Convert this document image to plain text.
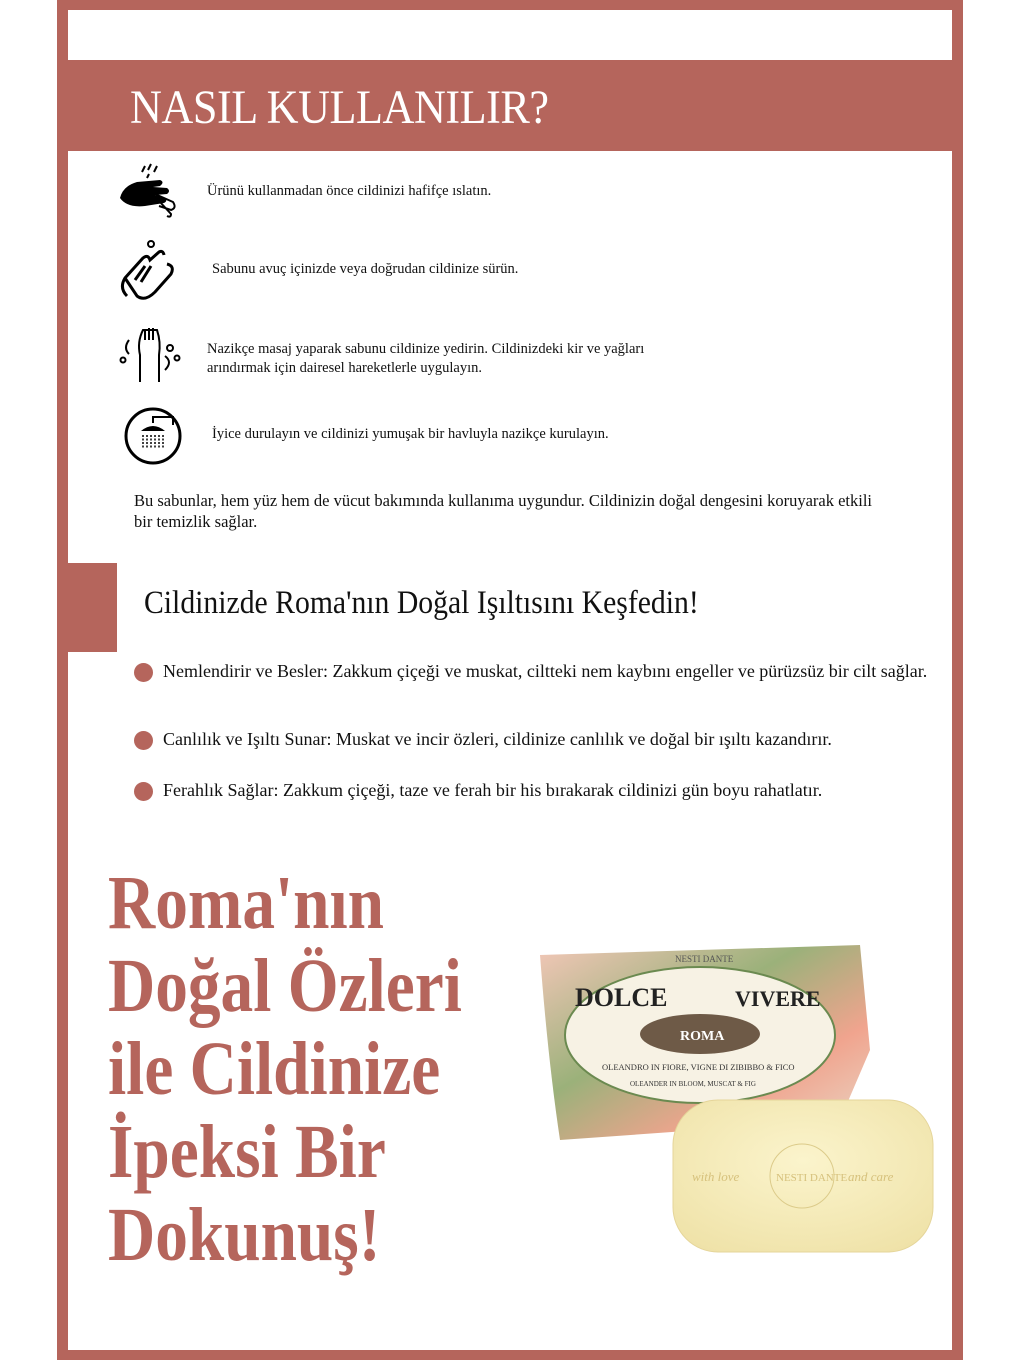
NASIL KULLANILIR?
Ürünü kullanmadan önce cildinizi hafifçe ıslatın.
Sabunu avuç içinizde veya doğrudan cildinize sürün.
Nazikçe masaj yaparak sabunu cildinize yedirin. Cildinizdeki kir ve yağları
arındırmak için dairesel hareketlerle uygulayın.
İyice durulayın ve cildinizi yumuşak bir havluyla nazikçe kurulayın.
Bu sabunlar, hem yüz hem de vücut bakımında kullanıma uygundur. Cildinizin doğal dengesini koruyarak etkili bir temizlik sağlar.
Cildinizde Roma'nın Doğal Işıltısını Keşfedin!
Nemlendirir ve Besler: Zakkum çiçeği ve muskat, ciltteki nem kaybını engeller ve pürüzsüz bir cilt sağlar.
Canlılık ve Işıltı Sunar: Muskat ve incir özleri, cildinize canlılık ve doğal bir ışıltı kazandırır.
Ferahlık Sağlar: Zakkum çiçeği, taze ve ferah bir his bırakarak cildinizi gün boyu rahatlatır.
Roma'nın
Doğal Özleri
ile Cildinize
İpeksi Bir
Dokunuş!
NESTI DANTE
DOLCE	VIVERE
ROMA
OLEANDRO IN FIORE, VIGNE DI ZIBIBBO & FICO
OLEANDER IN BLOOM, MUSCAT & FIG
with love	NESTI DANTE and care
